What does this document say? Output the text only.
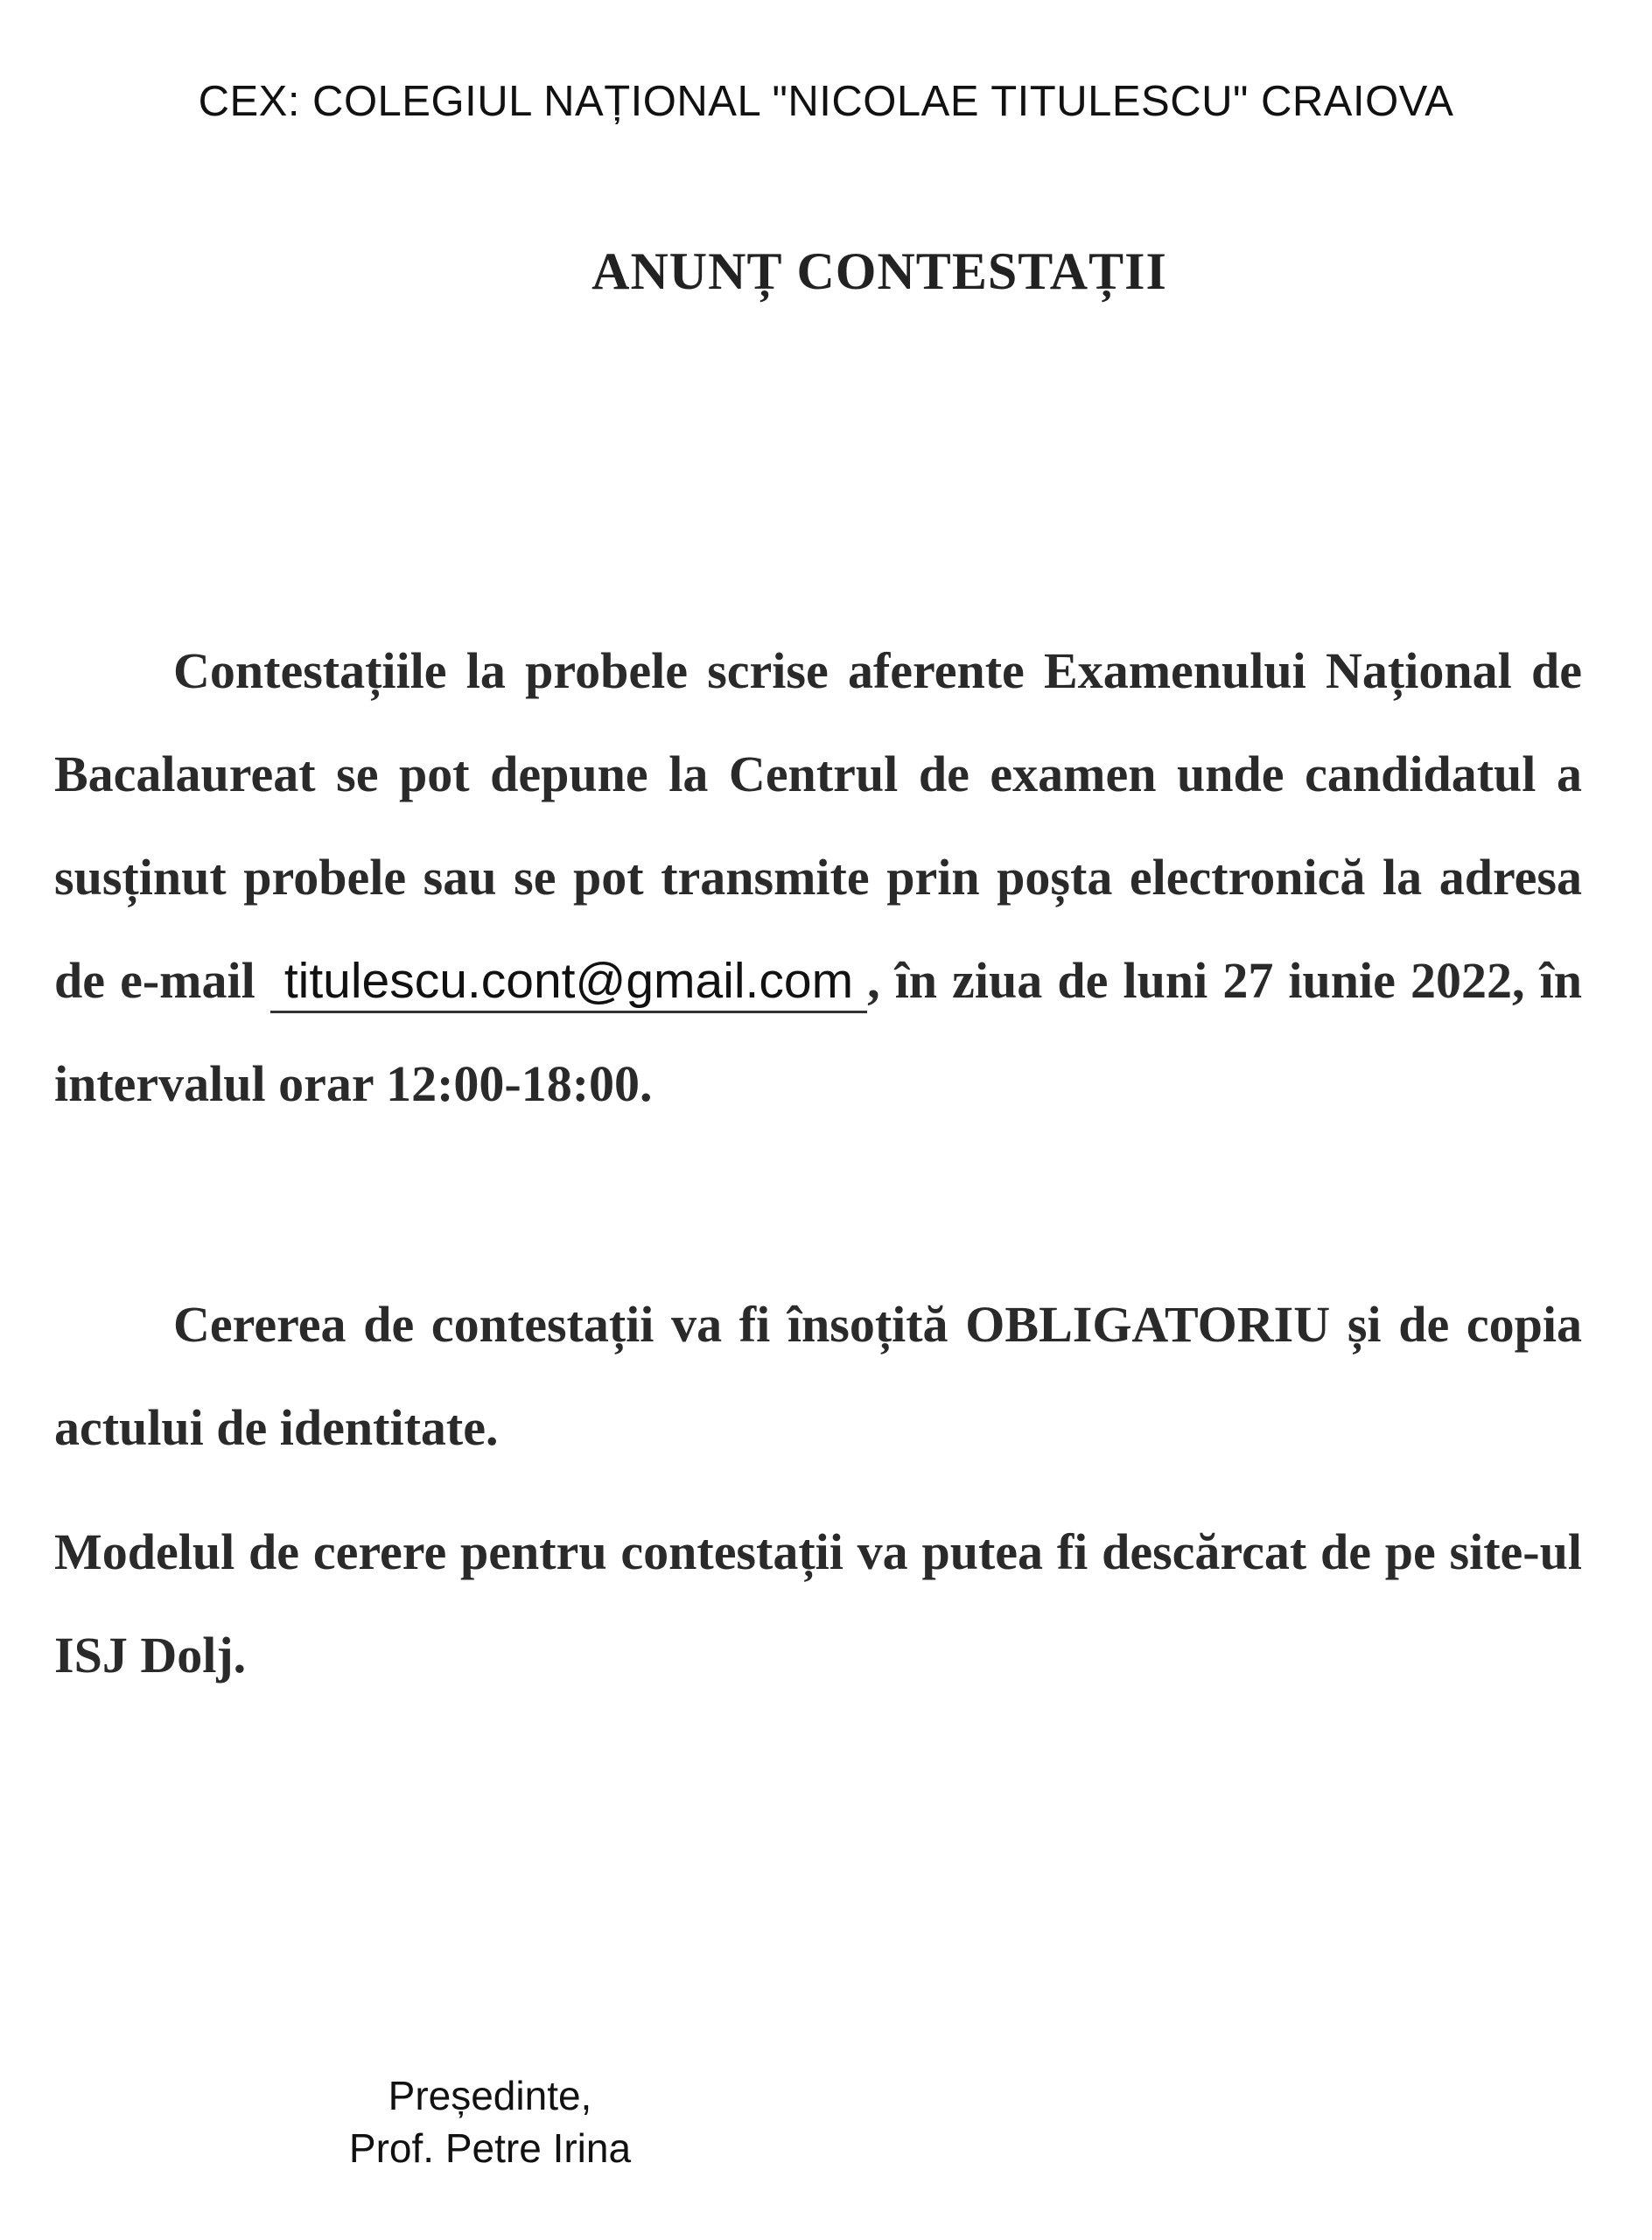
CEX: COLEGIUL NAȚIONAL "NICOLAE TITULESCU" CRAIOVA
ANUNȚ CONTESTAȚII
Contestațiile la probele scrise aferente Examenului Național de Bacalaureat se pot depune la Centrul de examen unde candidatul a susținut probele sau se pot transmite prin poșta electronică la adresa de e-mail titulescu.cont@gmail.com , în ziua de luni 27 iunie 2022, în intervalul orar 12:00-18:00.
Cererea de contestații va fi însoțită OBLIGATORIU și de copia actului de identitate.
Modelul de cerere pentru contestații va putea fi descărcat de pe site-ul ISJ Dolj.
Președinte,
Prof. Petre Irina
